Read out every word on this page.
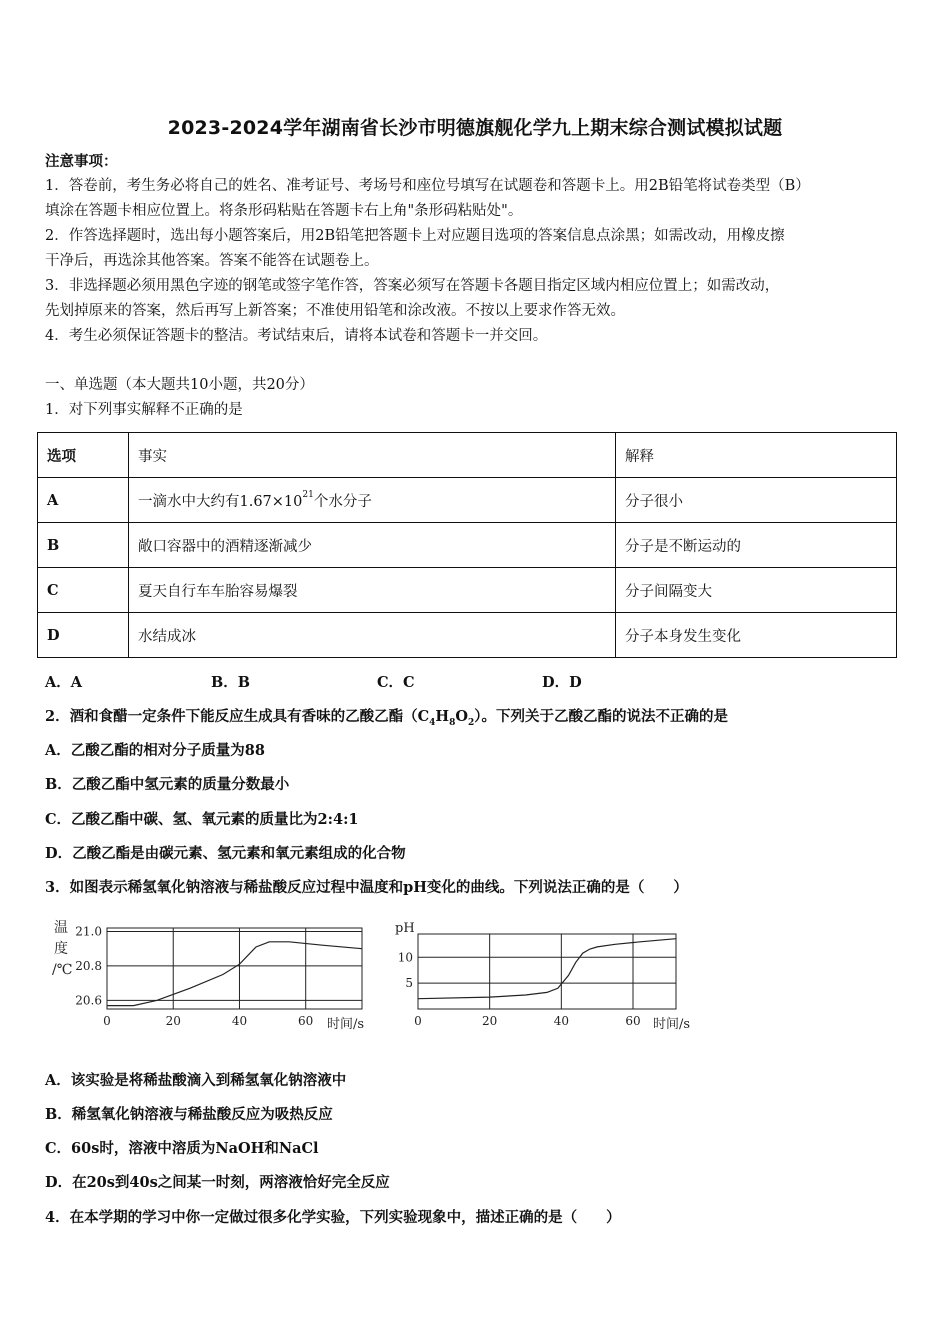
2023-2024学年湖南省长沙市明德旗舰化学九上期末综合测试模拟试题
注意事项：
1．答卷前，考生务必将自己的姓名、准考证号、考场号和座位号填写在试题卷和答题卡上。用2B铅笔将试卷类型（B）
填涂在答题卡相应位置上。将条形码粘贴在答题卡右上角"条形码粘贴处"。
2．作答选择题时，选出每小题答案后，用2B铅笔把答题卡上对应题目选项的答案信息点涂黑；如需改动，用橡皮擦
干净后，再选涂其他答案。答案不能答在试题卷上。
3．非选择题必须用黑色字迹的钢笔或签字笔作答，答案必须写在答题卡各题目指定区域内相应位置上；如需改动，
先划掉原来的答案，然后再写上新答案；不准使用铅笔和涂改液。不按以上要求作答无效。
4．考生必须保证答题卡的整洁。考试结束后，请将本试卷和答题卡一并交回。
一、单选题（本大题共10小题，共20分）
1．对下列事实解释不正确的是
选项	事实	解释
A	一滴水中大约有$1.67\times 10^{21}$个水分子	分子很小
B	敞口容器中的酒精逐渐减少	分子是不断运动的
C	夏天自行车车胎容易爆裂	分子间隔变大
D	水结成冰	分子本身发生变化
A．A	B．B	C．C	D．D
2．酒和食醋一定条件下能反应生成具有香味的乙酸乙酯$(C_4H_8O_2)$。下列关于乙酸乙酯的说法不正确的是
A．乙酸乙酯的相对分子质量为88
B．乙酸乙酯中氢元素的质量分数最小
C．乙酸乙酯中碳、氢、氧元素的质量比为2:4:1
D．乙酸乙酯是由碳元素、氢元素和氧元素组成的化合物
3．如图表示稀氢氧化钠溶液与稀盐酸反应过程中温度和pH变化的曲线。下列说法正确的是（　　）
0	20	40	60
20.6
20.8
21.0
时间/s
温
度
/℃
0	20	40	60
5
10
时间/s
pH
A．该实验是将稀盐酸滴入到稀氢氧化钠溶液中
B．稀氢氧化钠溶液与稀盐酸反应为吸热反应
C．60s时，溶液中溶质为NaOH和NaCl
D．在20s到40s之间某一时刻，两溶液恰好完全反应
4．在本学期的学习中你一定做过很多化学实验，下列实验现象中，描述正确的是（　　）
